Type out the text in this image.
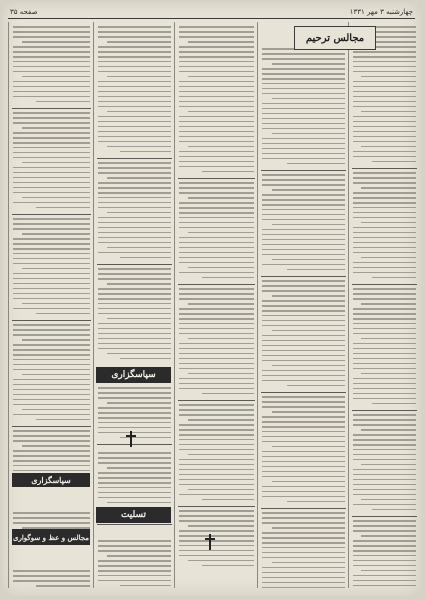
چهارشنبه ۳ مهر ۱۳۳۱
صفحه ۳۵
مجالس ترحیم
سپاسگزاری
تسلیت
سپاسگزاری
مجالس و عظ و سوگواری
